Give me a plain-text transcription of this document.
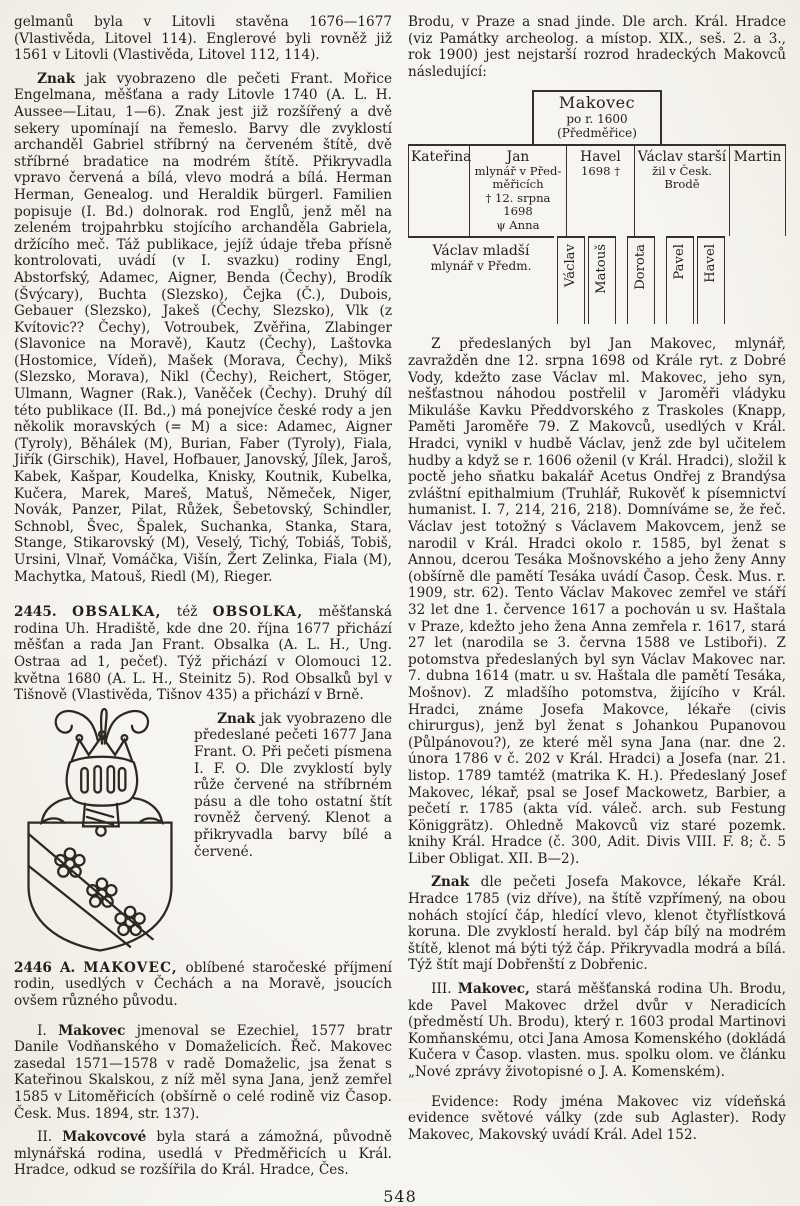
gelmanů byla v Litovli stavěna 1676—1677 (Vlastivěda, Litovel 114). Englerové byli rovněž již 1561 v Litovli (Vlastivěda, Litovel 112, 114).

Znak jak vyobrazeno dle pečeti Frant. Mořice Engelmana, měšťana a rady Litovle 1740 (A. L. H. Aussee—Litau, 1—6). Znak jest již rozšířený a dvě sekery upomínají na řemeslo. Barvy dle zvyklostí archanděl Gabriel stříbrný na červeném štítě, dvě stříbrné bradatice na modrém štítě. Přikryvadla vpravo červená a bílá, vlevo modrá a bílá. Herman Herman, Genealog. und Heraldik bürgerl. Familien popisuje (I. Bd.) dolnorak. rod Englů, jenž měl na zeleném trojpahrbku stojícího archanděla Gabriela, držícího meč. Táž publikace, jejíž údaje třeba přísně kontrolovati, uvádí (v I. svazku) rodiny Engl, Abstorfský, Adamec, Aigner, Benda (Čechy), Brodík (Švýcary), Buchta (Slezsko), Čejka (Č.), Dubois, Gebauer (Slezsko), Jakeš (Čechy, Slezsko), Vlk (z Kvítovic?? Čechy), Votroubek, Zvěřina, Zlabinger (Slavonice na Moravě), Kautz (Čechy), Laštovka (Hostomice, Vídeň), Mašek (Morava, Čechy), Mikš (Slezsko, Morava), Nikl (Čechy), Reichert, Stöger, Ulmann, Wagner (Rak.), Vaněček (Čechy). Druhý díl této publikace (II. Bd.,) má ponejvíce české rody a jen několik moravských (= M) a sice: Adamec, Aigner (Tyroly), Běhálek (M), Burian, Faber (Tyroly), Fiala, Jiřík (Girschik), Havel, Hofbauer, Janovský, Jílek, Jaroš, Kabek, Kašpar, Koudelka, Knisky, Koutnik, Kubelka, Kučera, Marek, Mareš, Matuš, Němeček, Niger, Novák, Panzer, Pilat, Růžek, Šebetovský, Schindler, Schnobl, Švec, Špalek, Suchanka, Stanka, Stara, Stange, Stikarovský (M), Veselý, Tichý, Tobiáš, Tobiš, Ursini, Vlnař, Vomáčka, Višín, Žert Zelinka, Fiala (M), Machytka, Matouš, Riedl (M), Rieger.

2445. OBSALKA, též OBSOLKA, měšťanská rodina Uh. Hradiště, kde dne 20. října 1677 přichází měšťan a rada Jan Frant. Obsalka (A. L. H., Ung. Ostraa ad 1, pečeť). Týž přichází v Olomouci 12. května 1680 (A. L. H., Steinitz 5). Rod Obsalků byl v Tišnově (Vlastivěda, Tišnov 435) a přichází v Brně.

Znak jak vyobrazeno dle předeslané pečeti 1677 Jana Frant. O. Při pečeti písmena I. F. O. Dle zvyklostí byly růže červené na stříbrném pásu a dle toho ostatní štít rovněž červený. Klenot a přikryvadla barvy bílé a červené.

2446 A. MAKOVEC, oblíbené staročeské příjmení rodin, usedlých v Čechách a na Moravě, jsoucích ovšem různého původu.

I. Makovec jmenoval se Ezechiel, 1577 bratr Danile Vodňanského v Domaželicích. Řeč. Makovec zasedal 1571—1578 v radě Domaželic, jsa ženat s Kateřinou Skalskou, z níž měl syna Jana, jenž zemřel 1585 v Litoměřicích (obšírně o celé rodině viz Časop. Česk. Mus. 1894, str. 137).

II. Makovcové byla stará a zámožná, původně mlynářská rodina, usedlá v Předměřicích u Král. Hradce, odkud se rozšířila do Král. Hradce, Čes.

Brodu, v Praze a snad jinde. Dle arch. Král. Hradce (viz Památky archeolog. a místop. XIX., seš. 2. a 3., rok 1900) jest nejstarší rozrod hradeckých Makovců následující:

Makovec
po r. 1600
(Předměřice)
Kateřina	Jan
mlynář v Před-
měřicích
† 12. srpna 1698
ψ Anna
Havel
1698 †
Václav starší
žil v Česk. Brodě
Martin
Václav mladší
mlynář v Předm.	Václav Matouš Dorota Pavel Havel

Z předeslaných byl Jan Makovec, mlynář, zavražděn dne 12. srpna 1698 od Krále ryt. z Dobré Vody, kdežto zase Václav ml. Makovec, jeho syn, nešťastnou náhodou postřelil v Jaroměři vládyku Mikuláše Kavku Předdvorského z Traskoles (Knapp, Paměti Jaroměře 79. Z Makovců, usedlých v Král. Hradci, vynikl v hudbě Václav, jenž zde byl učitelem hudby a když se r. 1606 oženil (v Král. Hradci), složil k poctě jeho sňatku bakalář Acetus Ondřej z Brandýsa zvláštní epithalmium (Truhlář, Rukověť k písemnictví humanist. I. 7, 214, 216, 218). Domníváme se, že řeč. Václav jest totožný s Václavem Makovcem, jenž se narodil v Král. Hradci okolo r. 1585, byl ženat s Annou, dcerou Tesáka Mošnovského a jeho ženy Anny (obšírně dle pamětí Tesáka uvádí Časop. Česk. Mus. r. 1909, str. 62). Tento Václav Makovec zemřel ve stáří 32 let dne 1. července 1617 a pochován u sv. Haštala v Praze, kdežto jeho žena Anna zemřela r. 1617, stará 27 let (narodila se 3. června 1588 ve Lstiboři). Z potomstva předeslaných byl syn Václav Makovec nar. 7. dubna 1614 (matr. u sv. Haštala dle pamětí Tesáka, Mošnov). Z mladšího potomstva, žijícího v Král. Hradci, známe Josefa Makovce, lékaře (civis chirurgus), jenž byl ženat s Johankou Pupanovou (Půlpánovou?), ze které měl syna Jana (nar. dne 2. února 1786 v č. 202 v Král. Hradci) a Josefa (nar. 21. listop. 1789 tamtéž (matrika K. H.). Předeslaný Josef Makovec, lékař, psal se Josef Mackowetz, Barbier, a pečetí r. 1785 (akta víd. váleč. arch. sub Festung Königgrätz). Ohledně Makovců viz staré pozemk. knihy Král. Hradce (č. 300, Adit. Divis VIII. F. 8; č. 5 Liber Obligat. XII. B—2).

Znak dle pečeti Josefa Makovce, lékaře Král. Hradce 1785 (viz dříve), na štítě vzpřímený, na obou nohách stojící čáp, hledící vlevo, klenot čtyřlístková koruna. Dle zvyklostí herald. byl čáp bílý na modrém štítě, klenot má býti týž čáp. Přikryvadla modrá a bílá. Týž štít mají Dobřenští z Dobřenic.

III. Makovec, stará měšťanská rodina Uh. Brodu, kde Pavel Makovec držel dvůr v Neradicích (předměstí Uh. Brodu), který r. 1603 prodal Martinovi Komňanskému, otci Jana Amosa Komenského (dokládá Kučera v Časop. vlasten. mus. spolku olom. ve článku „Nové zprávy životopisné o J. A. Komenském).

Evidence: Rody jména Makovec viz vídeňská evidence světové války (zde sub Aglaster). Rody Makovec, Makovský uvádí Král. Adel 152.

548
